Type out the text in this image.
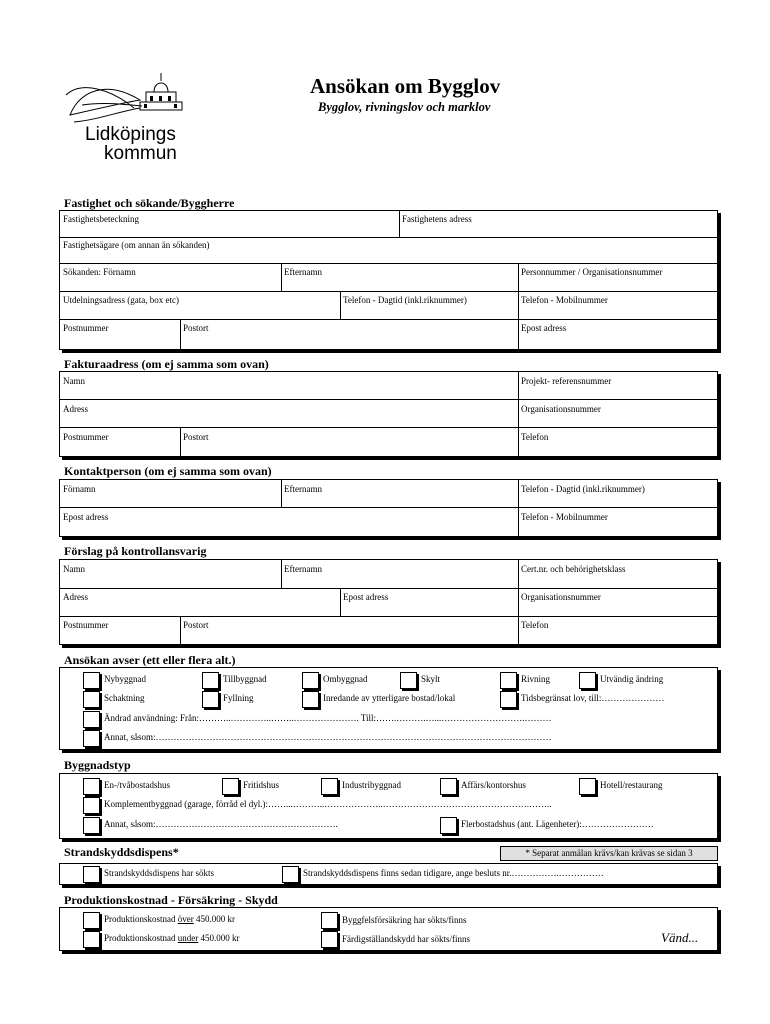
Lidköpings
kommun
Ansökan om Bygglov
Bygglov, rivningslov och marklov
Fastighet och sökande/Byggherre
Fastighetsbeteckning	Fastighetens adress
Fastighetsägare (om annan än sökanden)
Sökanden: Förnamn	Efternamn	Personnummer / Organisationsnummer
Utdelningsadress (gata, box etc)	Telefon - Dagtid (inkl.riknummer)	Telefon - Mobilnummer
Postnummer	Postort	Epost adress
Fakturaadress (om ej samma som ovan)
Namn	Projekt- referensnummer
Adress	Organisationsnummer
Postnummer	Postort	Telefon
Kontaktperson (om ej samma som ovan)
Förnamn	Efternamn	Telefon - Dagtid (inkl.riknummer)
Epost adress	Telefon - Mobilnummer
Förslag på kontrollansvarig
Namn	Efternamn	Cert.nr. och behörighetsklass
Adress	Epost adress	Organisationsnummer
Postnummer	Postort	Telefon
Ansökan avser (ett eller flera alt.)
Nybyggnad	Tillbyggnad	Ombyggnad	Skylt	Rivning	Utvändig ändring
Schaktning	Fyllning	Inredande av ytterligare bostad/lokal	Tidsbegränsat lov, till:…………………
Ändrad användning: Från:………..…………..……..…………………. Till:…….……….…...……………………….………
Annat, såsom:……………………………………………………………………………………………………………………
Byggnadstyp
En-/tvåbostadshus	Fritidshus	Industribyggnad	Affärs/kontorshus	Hotell/restaurang
Komplementbyggnad (garage, förråd el dyl.):……...………..………………..………………………………………….……..
Annat, såsom:…………………………………………………….	Flerbostadshus (ant. Lägenheter):……………………
Strandskyddsdispens*	* Separat anmälan krävs/kan krävas se sidan 3
Strandskyddsdispens har sökts	Strandskyddsdispens finns sedan tidigare, ange besluts nr.…………….……………
Produktionskostnad - Försäkring - Skydd
Produktionskostnad över 450.000 kr	Byggfelsförsäkring har sökts/finns
Produktionskostnad under 450.000 kr	Färdigställandskydd har sökts/finns	Vänd...
